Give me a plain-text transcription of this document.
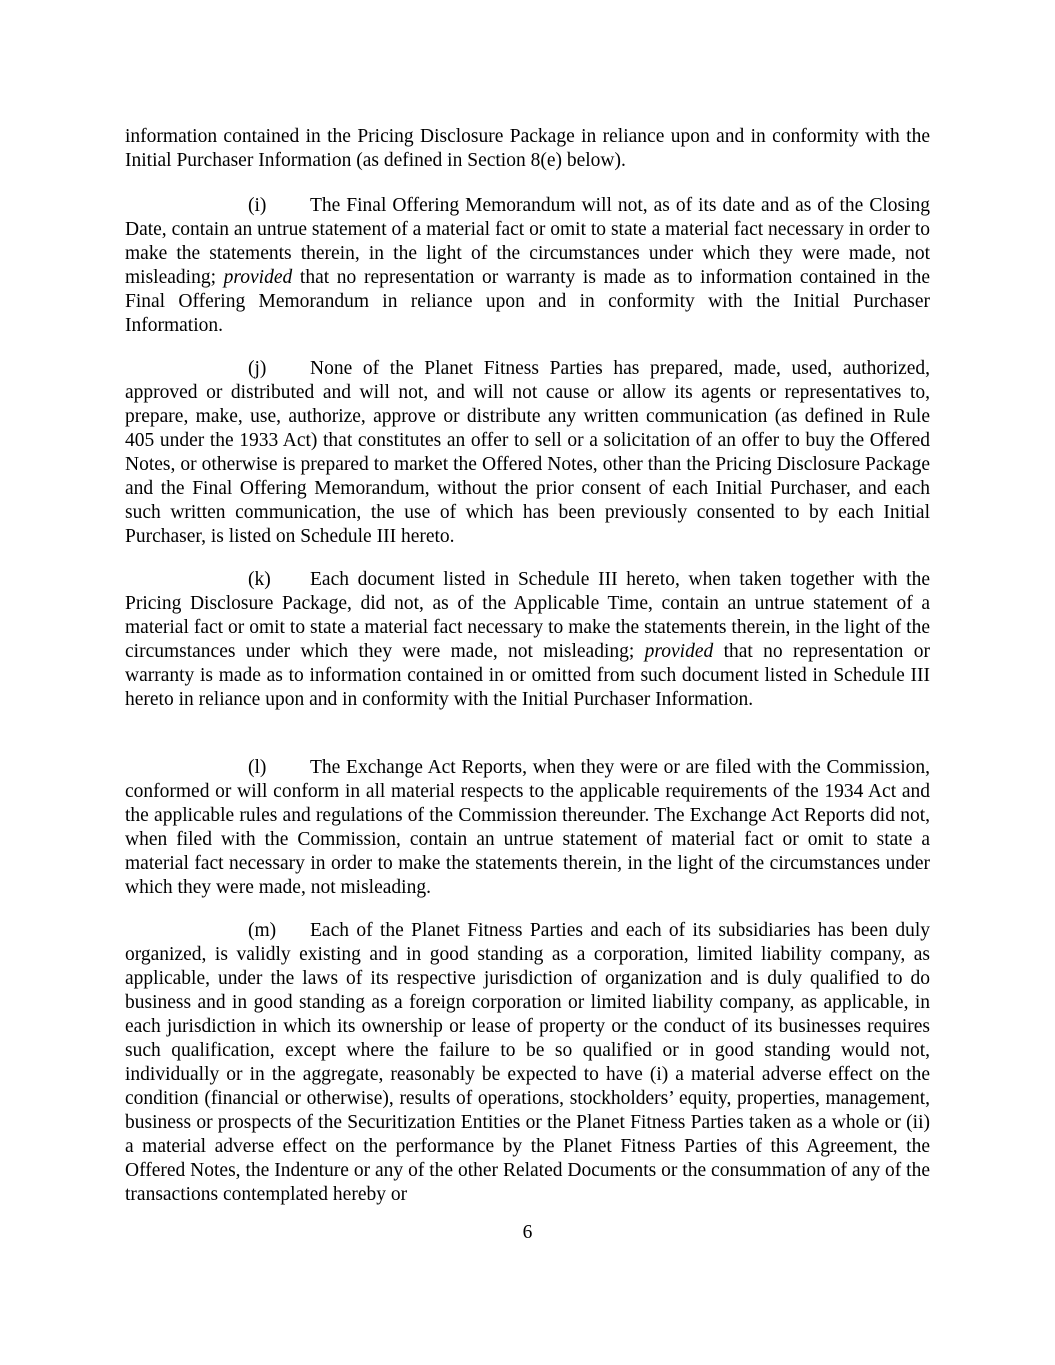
information contained in the Pricing Disclosure Package in reliance upon and in conformity with the Initial Purchaser Information (as defined in Section 8(e) below).

(i) The Final Offering Memorandum will not, as of its date and as of the Closing Date, contain an untrue statement of a material fact or omit to state a material fact necessary in order to make the statements therein, in the light of the circumstances under which they were made, not misleading; provided that no representation or warranty is made as to information contained in the Final Offering Memorandum in reliance upon and in conformity with the Initial Purchaser Information.

(j) None of the Planet Fitness Parties has prepared, made, used, authorized, approved or distributed and will not, and will not cause or allow its agents or representatives to, prepare, make, use, authorize, approve or distribute any written communication (as defined in Rule 405 under the 1933 Act) that constitutes an offer to sell or a solicitation of an offer to buy the Offered Notes, or otherwise is prepared to market the Offered Notes, other than the Pricing Disclosure Package and the Final Offering Memorandum, without the prior consent of each Initial Purchaser, and each such written communication, the use of which has been previously consented to by each Initial Purchaser, is listed on Schedule III hereto.

(k) Each document listed in Schedule III hereto, when taken together with the Pricing Disclosure Package, did not, as of the Applicable Time, contain an untrue statement of a material fact or omit to state a material fact necessary to make the statements therein, in the light of the circumstances under which they were made, not misleading; provided that no representation or warranty is made as to information contained in or omitted from such document listed in Schedule III hereto in reliance upon and in conformity with the Initial Purchaser Information.

(l) The Exchange Act Reports, when they were or are filed with the Commission, conformed or will conform in all material respects to the applicable requirements of the 1934 Act and the applicable rules and regulations of the Commission thereunder. The Exchange Act Reports did not, when filed with the Commission, contain an untrue statement of material fact or omit to state a material fact necessary in order to make the statements therein, in the light of the circumstances under which they were made, not misleading.

(m) Each of the Planet Fitness Parties and each of its subsidiaries has been duly organized, is validly existing and in good standing as a corporation, limited liability company, as applicable, under the laws of its respective jurisdiction of organization and is duly qualified to do business and in good standing as a foreign corporation or limited liability company, as applicable, in each jurisdiction in which its ownership or lease of property or the conduct of its businesses requires such qualification, except where the failure to be so qualified or in good standing would not, individually or in the aggregate, reasonably be expected to have (i) a material adverse effect on the condition (financial or otherwise), results of operations, stockholders’ equity, properties, management, business or prospects of the Securitization Entities or the Planet Fitness Parties taken as a whole or (ii) a material adverse effect on the performance by the Planet Fitness Parties of this Agreement, the Offered Notes, the Indenture or any of the other Related Documents or the consummation of any of the transactions contemplated hereby or

6
